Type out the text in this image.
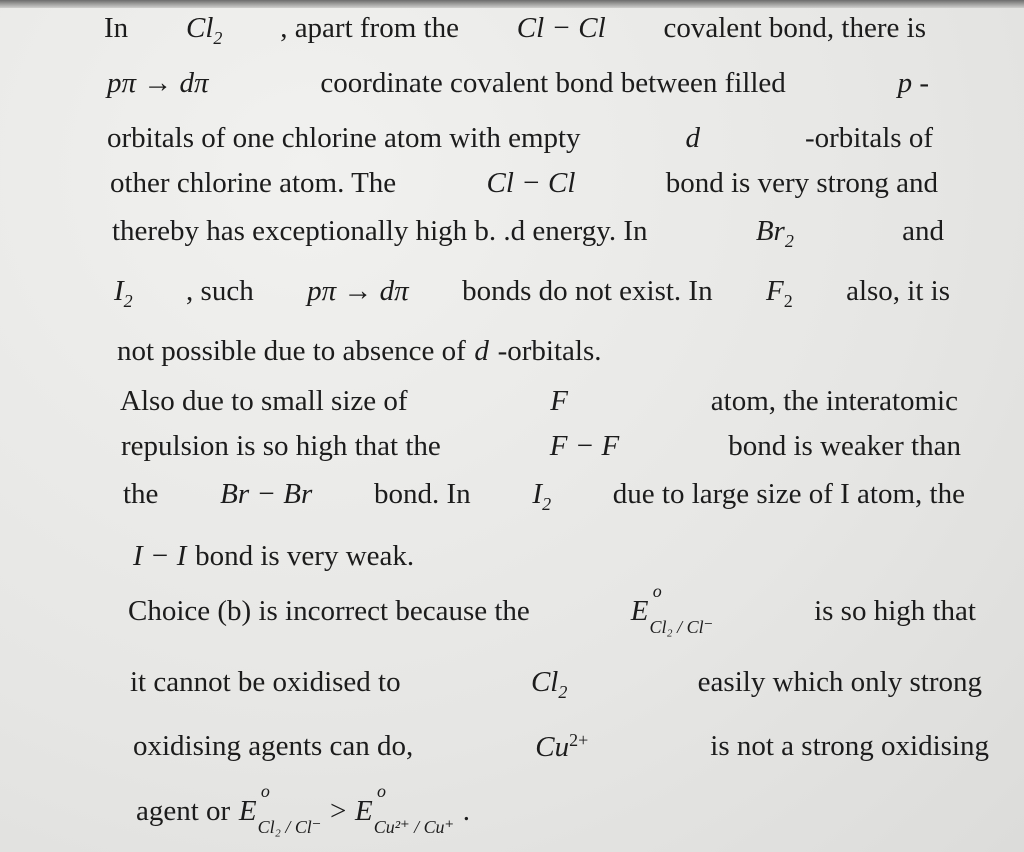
In $Cl_2$ , apart from the Cl − Cl covalent bond, there is
pπ → dπ	coordinate covalent bond between filled	p -
orbitals of one chlorine atom with empty	d	-orbitals of
other chlorine atom. The	Cl − Cl	bond is very strong and
thereby has exceptionally high b. .d energy. In	$Br_2$	and
$I_2$ , such pπ → dπ bonds do not exist. In $F_2$ also, it is
not possible due to absence of d -orbitals.
Also due to small size of	F	atom, the interatomic
repulsion is so high that the	F − F	bond is weaker than
the Br − Br bond. In $I_2$ due to large size of I atom, the
I − I bond is very weak.
Choice (b) is incorrect because the	E
o
Cl₂ / Cl⁻	is so high that
it cannot be oxidised to	$Cl_2$	easily which only strong
oxidising agents can do,	$Cu^{2+}$	is not a strong oxidising
agent or E
o
Cl₂ / Cl⁻ > E
o
Cu²⁺ / Cu⁺ .
